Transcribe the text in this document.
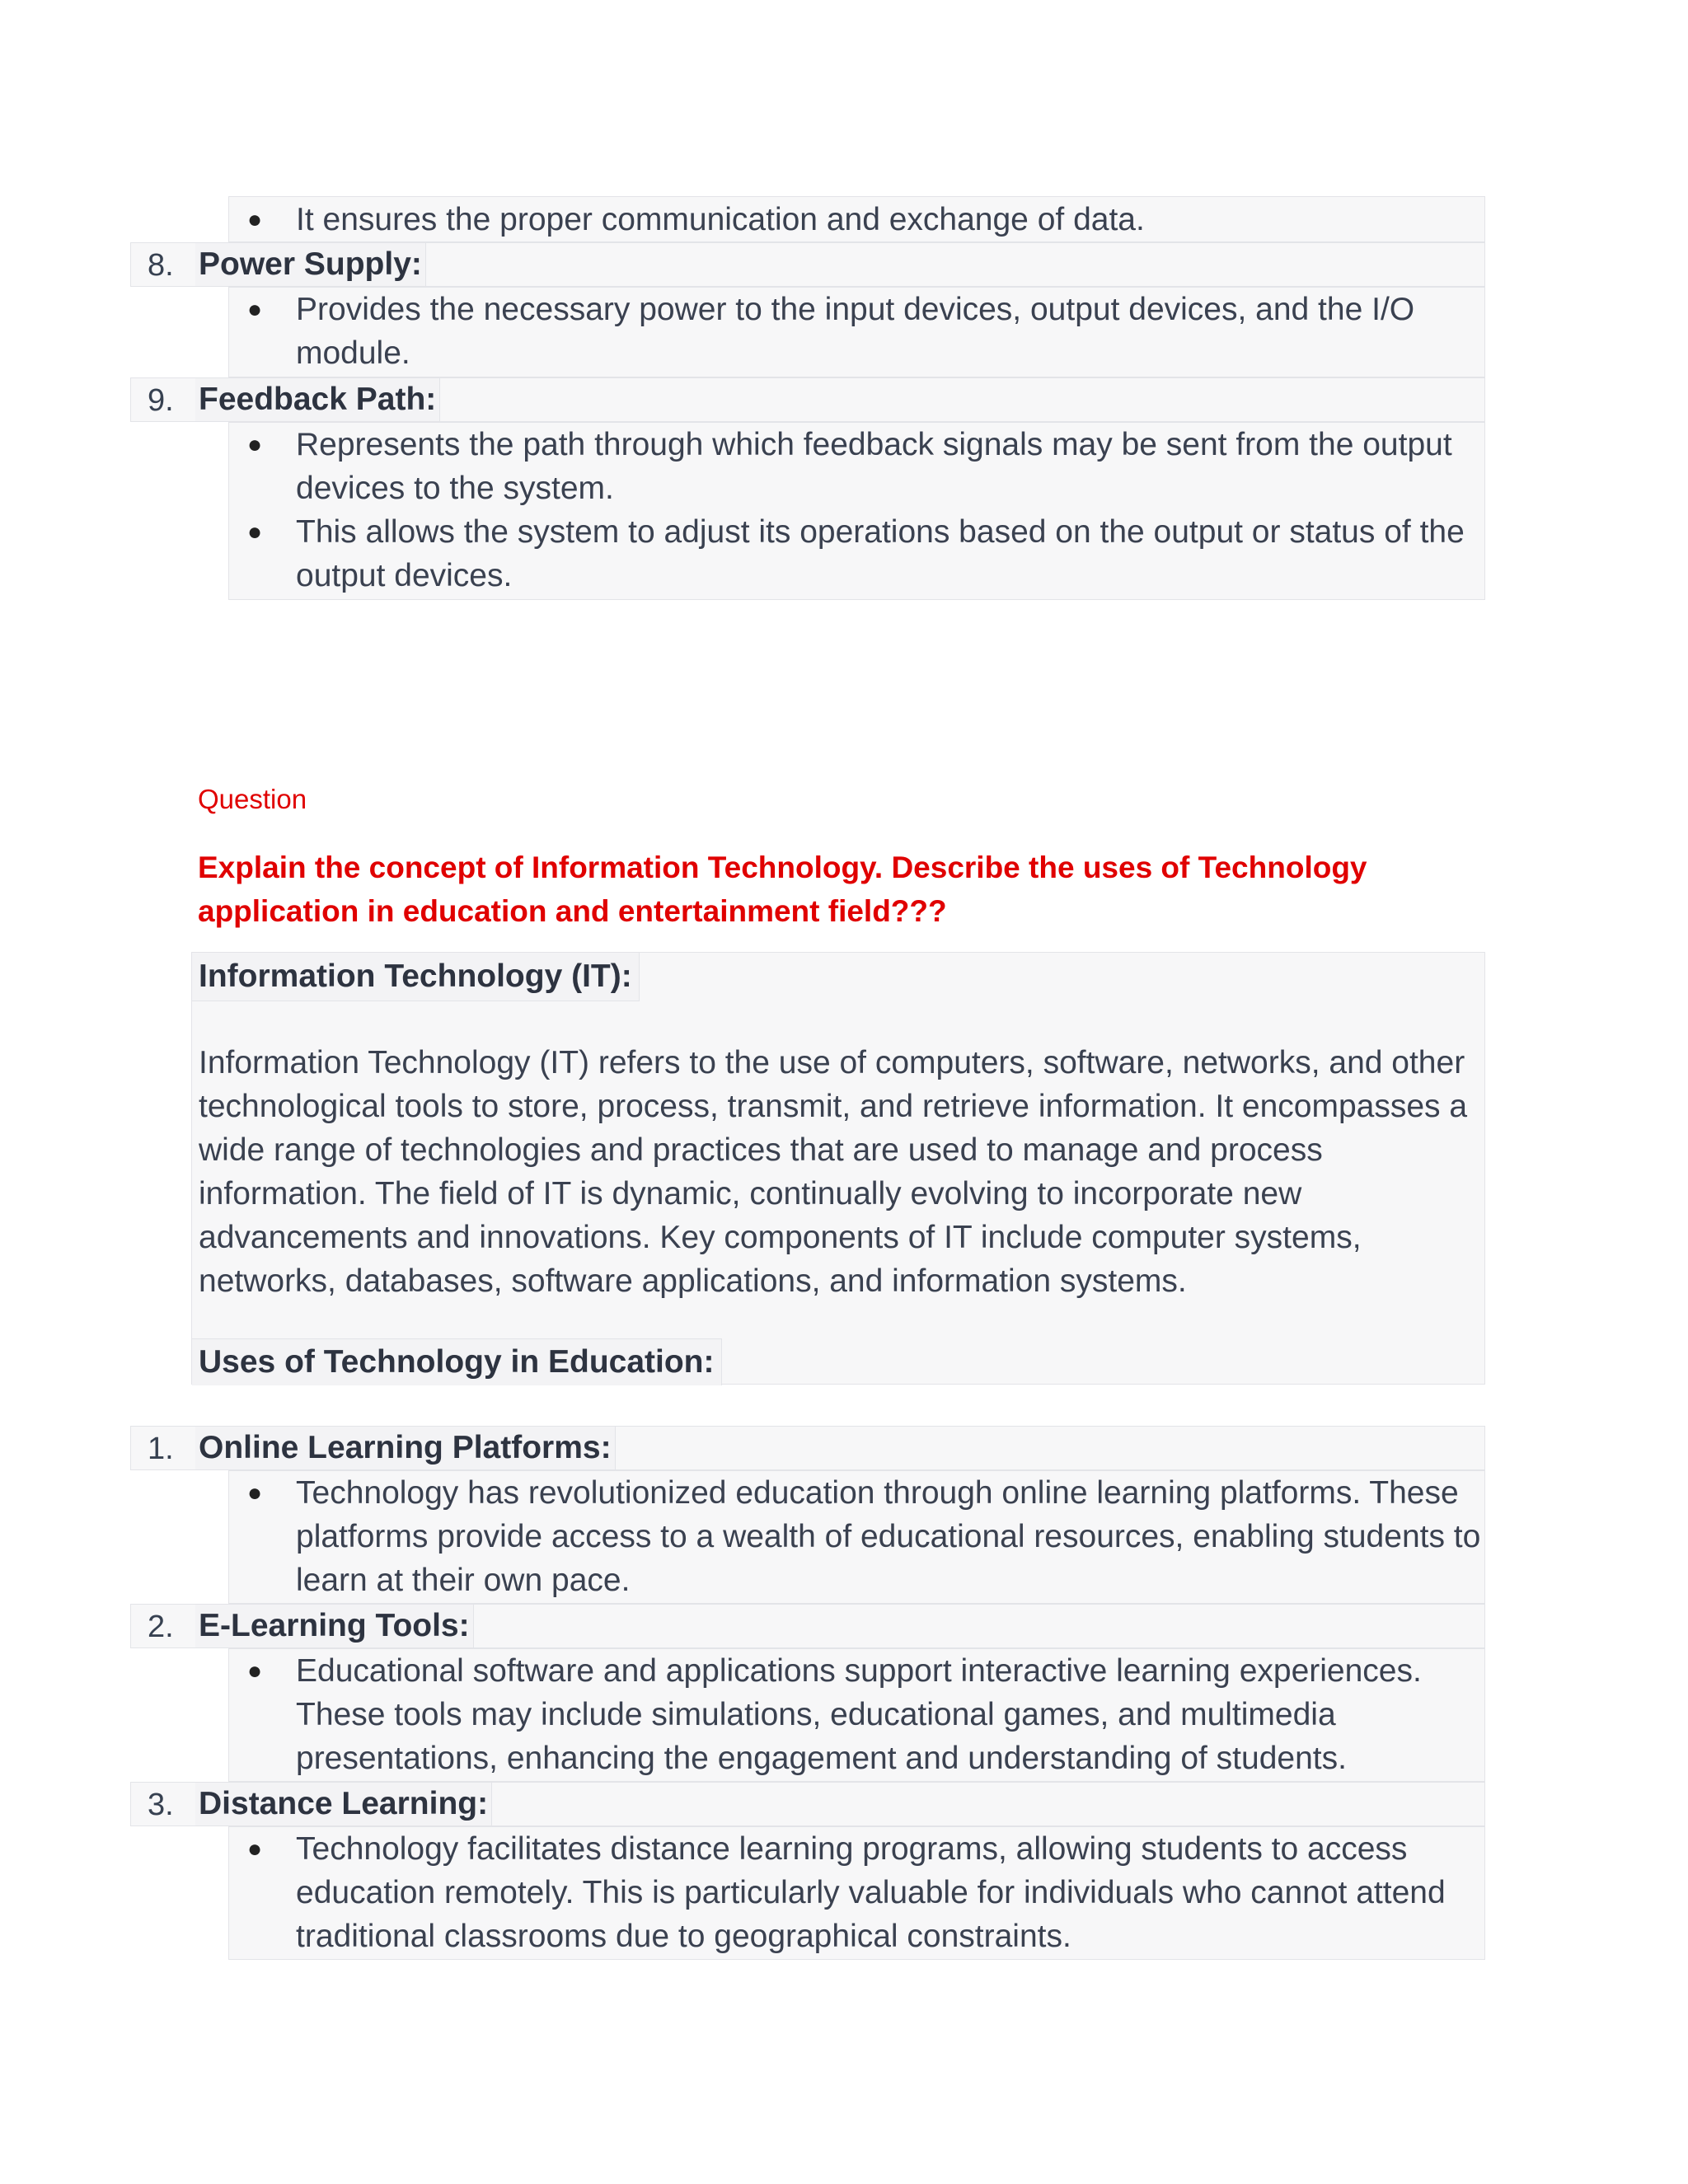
● It ensures the proper communication and exchange of data.
8. Power Supply:
● Provides the necessary power to the input devices, output devices, and the I/O module.
9. Feedback Path:
● Represents the path through which feedback signals may be sent from the output devices to the system.
● This allows the system to adjust its operations based on the output or status of the output devices.
Question
Explain the concept of Information Technology. Describe the uses of Technology application in education and entertainment field???
Information Technology (IT):
Information Technology (IT) refers to the use of computers, software, networks, and other technological tools to store, process, transmit, and retrieve information. It encompasses a wide range of technologies and practices that are used to manage and process information. The field of IT is dynamic, continually evolving to incorporate new advancements and innovations. Key components of IT include computer systems, networks, databases, software applications, and information systems.
Uses of Technology in Education:
1. Online Learning Platforms:
● Technology has revolutionized education through online learning platforms. These platforms provide access to a wealth of educational resources, enabling students to learn at their own pace.
2. E-Learning Tools:
● Educational software and applications support interactive learning experiences. These tools may include simulations, educational games, and multimedia presentations, enhancing the engagement and understanding of students.
3. Distance Learning:
● Technology facilitates distance learning programs, allowing students to access education remotely. This is particularly valuable for individuals who cannot attend traditional classrooms due to geographical constraints.
